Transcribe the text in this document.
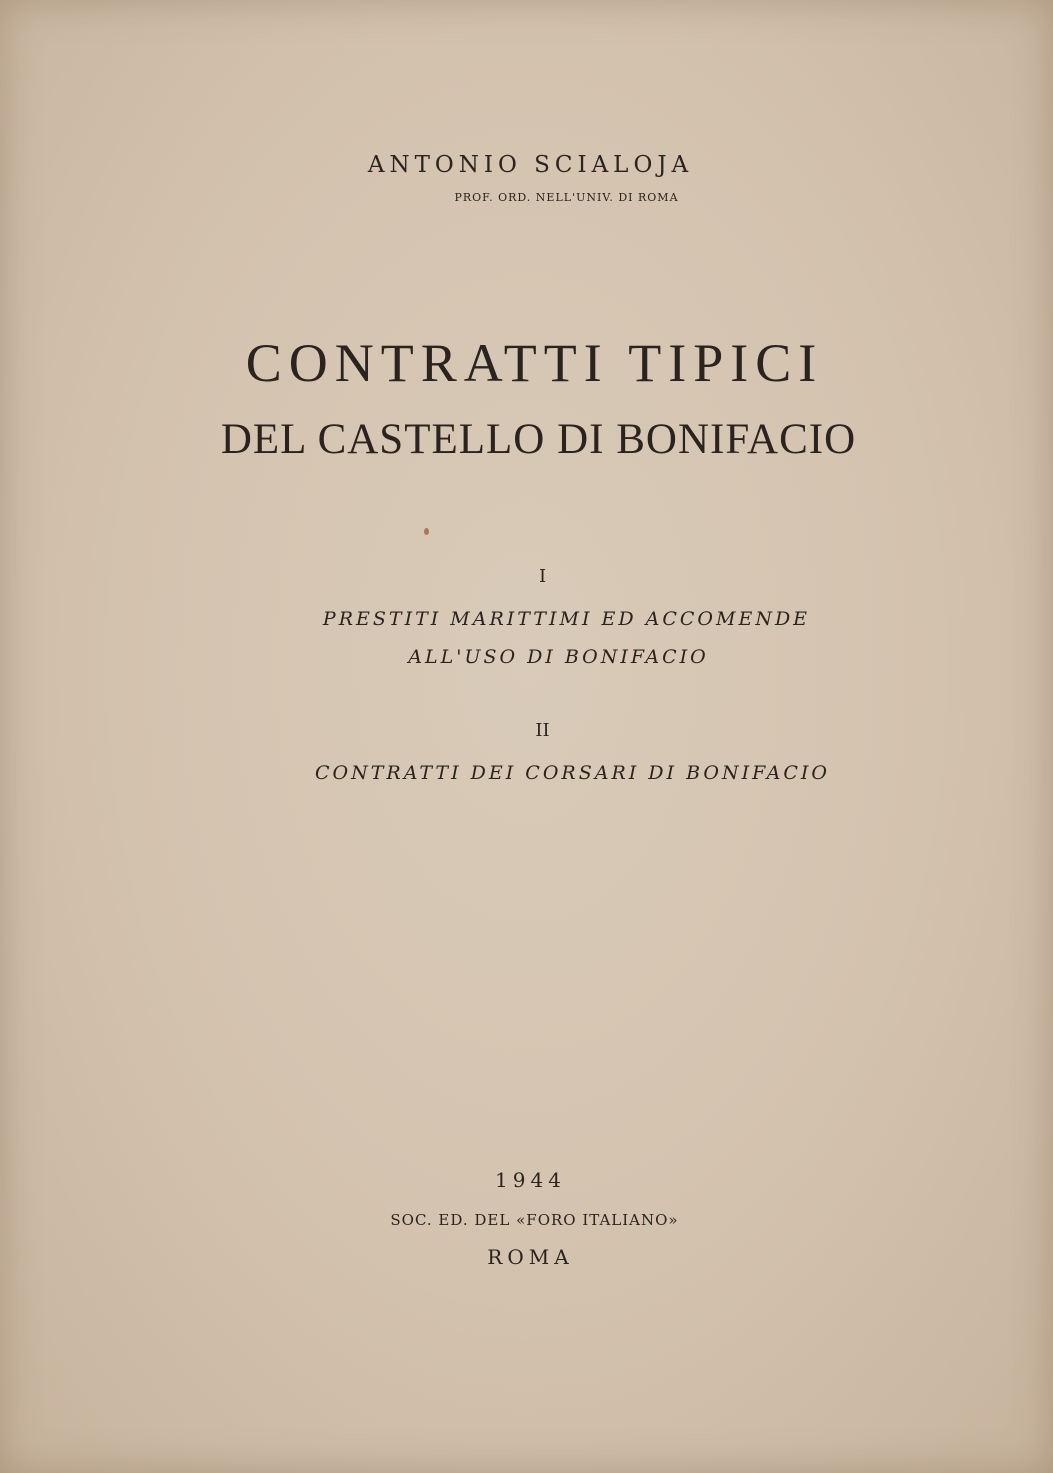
ANTONIO SCIALOJA
PROF. ORD. NELL'UNIV. DI ROMA
CONTRATTI TIPICI
DEL CASTELLO DI BONIFACIO
I
PRESTITI MARITTIMI ED ACCOMENDE
ALL'USO DI BONIFACIO
II
CONTRATTI DEI CORSARI DI BONIFACIO
1944
SOC. ED. DEL «FORO ITALIANO»
ROMA
